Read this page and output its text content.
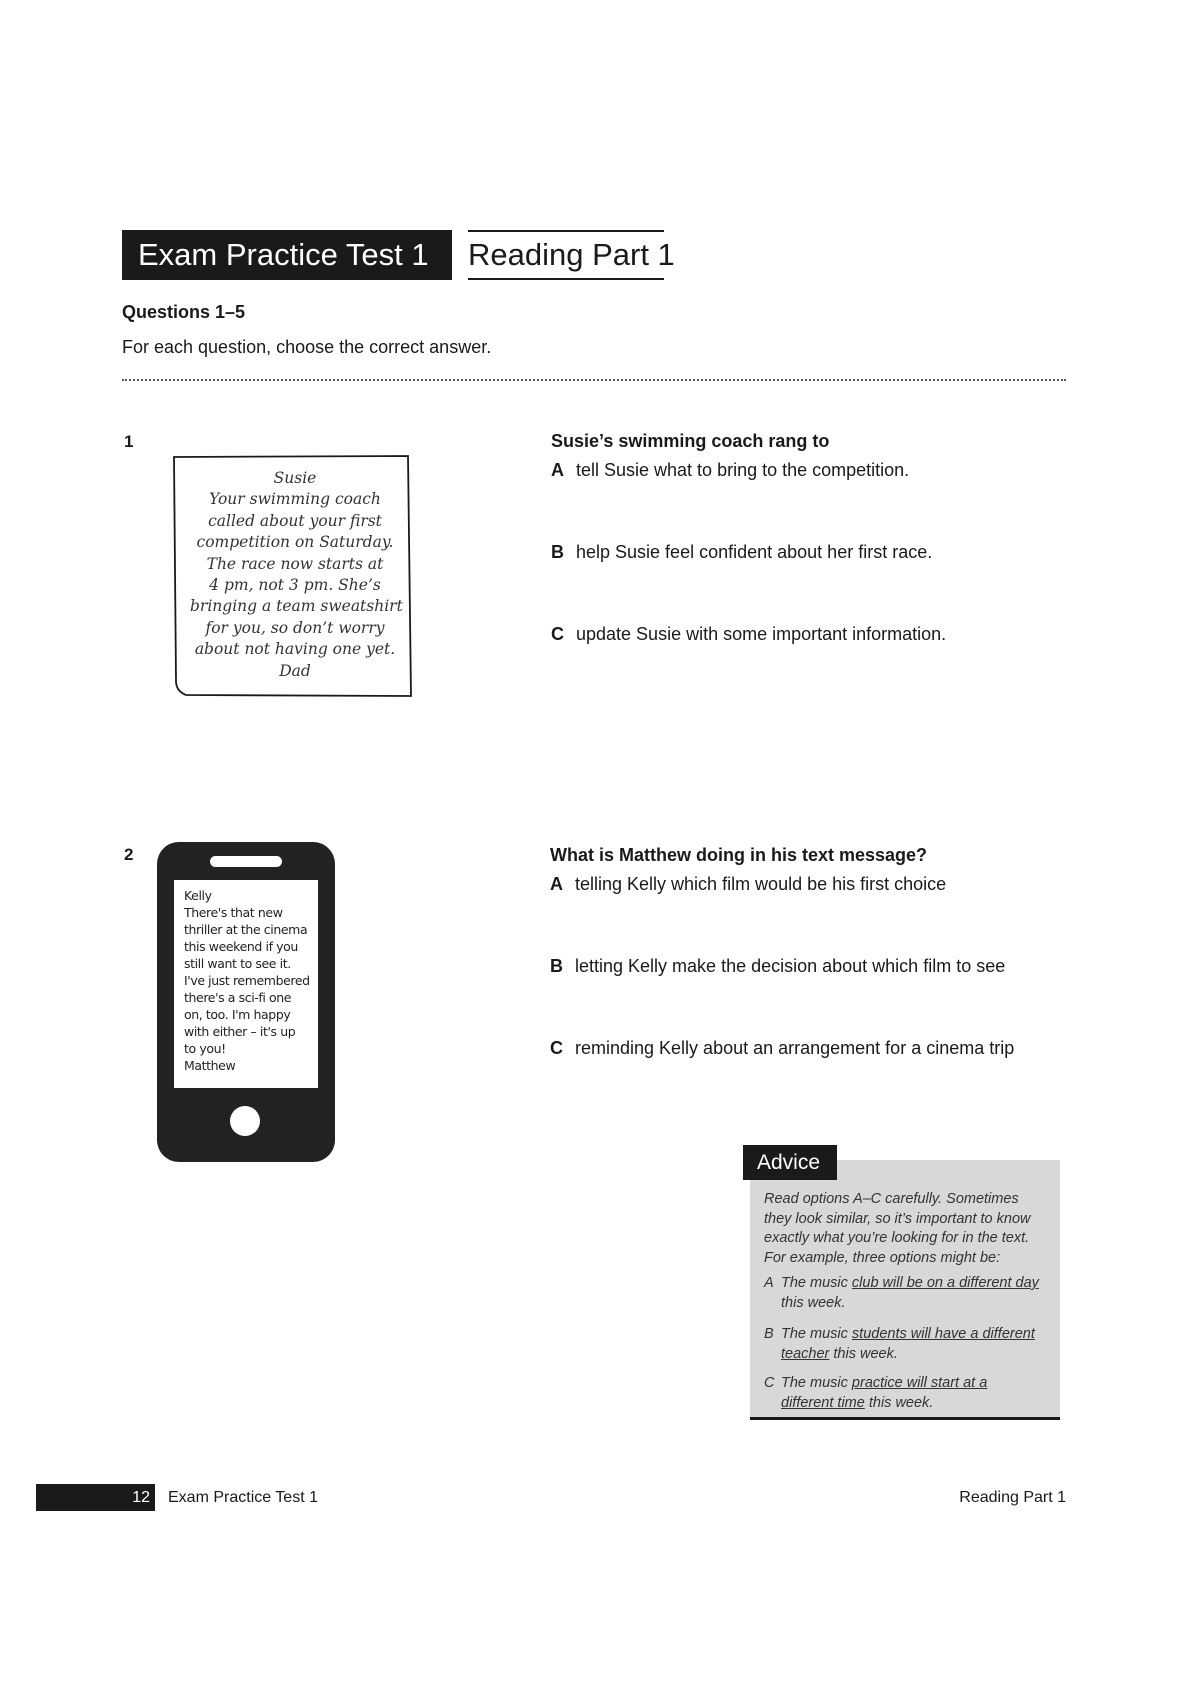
Exam Practice Test 1	Reading Part 1
Questions 1–5
For each question, choose the correct answer.
1
Susie
Your swimming coach
called about your first
competition on Saturday.
The race now starts at
4 pm, not 3 pm. She’s
bringing a team sweatshirt
for you, so don’t worry
about not having one yet.
Dad
Susie’s swimming coach rang to
A tell Susie what to bring to the competition.
B help Susie feel confident about her first race.
C update Susie with some important information.
2
Kelly
There's that new
thriller at the cinema
this weekend if you
still want to see it.
I've just remembered
there's a sci-fi one
on, too. I'm happy
with either – it's up
to you!
Matthew
What is Matthew doing in his text message?
A telling Kelly which film would be his first choice
B letting Kelly make the decision about which film to see
C reminding Kelly about an arrangement for a cinema trip
Advice
Read options A–C carefully. Sometimes
they look similar, so it’s important to know
exactly what you’re looking for in the text.
For example, three options might be:
A The music club will be on a different day
this week.
B The music students will have a different
teacher this week.
C The music practice will start at a
different time this week.
12 Exam Practice Test 1	Reading Part 1
